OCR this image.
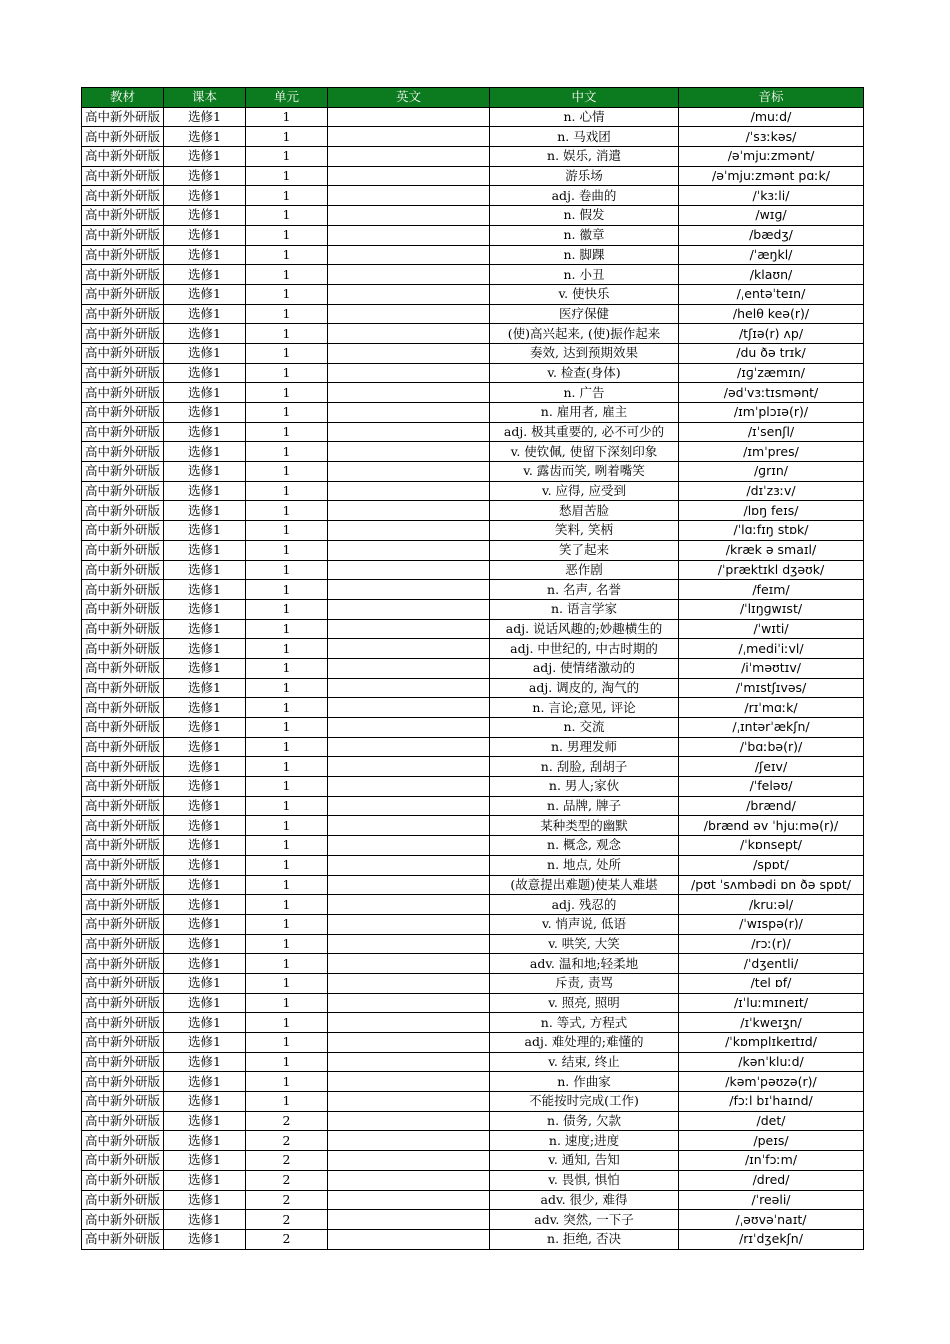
教材	课本	单元	英文	中文	音标
高中新外研版	选修1	1		n. 心情	/muːd/
高中新外研版	选修1	1		n. 马戏团	/ˈsɜːkəs/
高中新外研版	选修1	1		n. 娱乐, 消遣	/əˈmjuːzmənt/
高中新外研版	选修1	1		游乐场	/əˈmjuːzmənt pɑːk/
高中新外研版	选修1	1		adj. 卷曲的	/ˈkɜːli/
高中新外研版	选修1	1		n. 假发	/wɪɡ/
高中新外研版	选修1	1		n. 徽章	/bædʒ/
高中新外研版	选修1	1		n. 脚踝	/ˈæŋkl/
高中新外研版	选修1	1		n. 小丑	/klaʊn/
高中新外研版	选修1	1		v. 使快乐	/ˌentəˈteɪn/
高中新外研版	选修1	1		医疗保健	/helθ keə(r)/
高中新外研版	选修1	1		(使)高兴起来, (使)振作起来	/tʃɪə(r) ʌp/
高中新外研版	选修1	1		奏效, 达到预期效果	/du ðə trɪk/
高中新外研版	选修1	1		v. 检查(身体)	/ɪɡˈzæmɪn/
高中新外研版	选修1	1		n. 广告	/ədˈvɜːtɪsmənt/
高中新外研版	选修1	1		n. 雇用者, 雇主	/ɪmˈplɔɪə(r)/
高中新外研版	选修1	1		adj. 极其重要的, 必不可少的	/ɪˈsenʃl/
高中新外研版	选修1	1		v. 使钦佩, 使留下深刻印象	/ɪmˈpres/
高中新外研版	选修1	1		v. 露齿而笑, 咧着嘴笑	/ɡrɪn/
高中新外研版	选修1	1		v. 应得, 应受到	/dɪˈzɜːv/
高中新外研版	选修1	1		愁眉苦脸	/lɒŋ feɪs/
高中新外研版	选修1	1		笑料, 笑柄	/ˈlɑːfɪŋ stɒk/
高中新外研版	选修1	1		笑了起来	/kræk ə smaɪl/
高中新外研版	选修1	1		恶作剧	/ˈpræktɪkl dʒəʊk/
高中新外研版	选修1	1		n. 名声, 名誉	/feɪm/
高中新外研版	选修1	1		n. 语言学家	/ˈlɪŋɡwɪst/
高中新外研版	选修1	1		adj. 说话风趣的;妙趣横生的	/ˈwɪti/
高中新外研版	选修1	1		adj. 中世纪的, 中古时期的	/ˌmediˈiːvl/
高中新外研版	选修1	1		adj. 使情绪激动的	/iˈməʊtɪv/
高中新外研版	选修1	1		adj. 调皮的, 淘气的	/ˈmɪstʃɪvəs/
高中新外研版	选修1	1		n. 言论;意见, 评论	/rɪˈmɑːk/
高中新外研版	选修1	1		n. 交流	/ˌɪntərˈækʃn/
高中新外研版	选修1	1		n. 男理发师	/ˈbɑːbə(r)/
高中新外研版	选修1	1		n. 刮脸, 刮胡子	/ʃeɪv/
高中新外研版	选修1	1		n. 男人;家伙	/ˈfeləʊ/
高中新外研版	选修1	1		n. 品牌, 牌子	/brænd/
高中新外研版	选修1	1		某种类型的幽默	/brænd əv ˈhjuːmə(r)/
高中新外研版	选修1	1		n. 概念, 观念	/ˈkɒnsept/
高中新外研版	选修1	1		n. 地点, 处所	/spɒt/
高中新外研版	选修1	1		(故意提出难题)使某人难堪	/pʊt ˈsʌmbədi ɒn ðə spɒt/
高中新外研版	选修1	1		adj. 残忍的	/kruːəl/
高中新外研版	选修1	1		v. 悄声说, 低语	/ˈwɪspə(r)/
高中新外研版	选修1	1		v. 哄笑, 大笑	/rɔː(r)/
高中新外研版	选修1	1		adv. 温和地;轻柔地	/ˈdʒentli/
高中新外研版	选修1	1		斥责, 责骂	/tel ɒf/
高中新外研版	选修1	1		v. 照亮, 照明	/ɪˈluːmɪneɪt/
高中新外研版	选修1	1		n. 等式, 方程式	/ɪˈkweɪʒn/
高中新外研版	选修1	1		adj. 难处理的;难懂的	/ˈkɒmplɪkeɪtɪd/
高中新外研版	选修1	1		v. 结束, 终止	/kənˈkluːd/
高中新外研版	选修1	1		n. 作曲家	/kəmˈpəʊzə(r)/
高中新外研版	选修1	1		不能按时完成(工作)	/fɔːl bɪˈhaɪnd/
高中新外研版	选修1	2		n. 债务, 欠款	/det/
高中新外研版	选修1	2		n. 速度;进度	/peɪs/
高中新外研版	选修1	2		v. 通知, 告知	/ɪnˈfɔːm/
高中新外研版	选修1	2		v. 畏惧, 惧怕	/dred/
高中新外研版	选修1	2		adv. 很少, 难得	/ˈreəli/
高中新外研版	选修1	2		adv. 突然, 一下子	/ˌəʊvəˈnaɪt/
高中新外研版	选修1	2		n. 拒绝, 否决	/rɪˈdʒekʃn/
